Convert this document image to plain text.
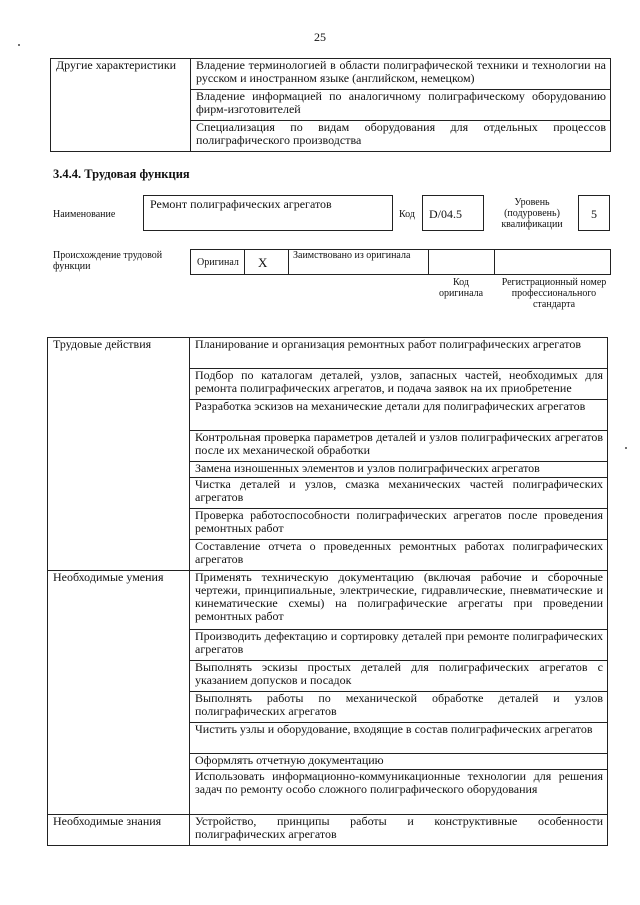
25
Другие характеристики	Владение терминологией в области полиграфической техники и технологии на русском и иностранном языке (английском, немецком)
Владение информацией по аналогичному полиграфическому оборудованию фирм-изготовителей
Специализация по видам оборудования для отдельных процессов полиграфического производства
3.4.4. Трудовая функция
Наименование
Ремонт полиграфических агрегатов
Код	D/04.5
Уровень (подуровень) квалификации
5
Происхождение трудовой функции	Оригинал X	Заимствовано из оригинала
Код оригинала
Регистрационный номер профессионального стандарта
Трудовые действия	Планирование и организация ремонтных работ полиграфических агрегатов
	Подбор по каталогам деталей, узлов, запасных частей, необходимых для ремонта полиграфических агрегатов, и подача заявок на их приобретение
	Разработка эскизов на механические детали для полиграфических агрегатов
	Контрольная проверка параметров деталей и узлов полиграфических агрегатов после их механической обработки
	Замена изношенных элементов и узлов полиграфических агрегатов
	Чистка деталей и узлов, смазка механических частей полиграфических агрегатов
	Проверка работоспособности полиграфических агрегатов после проведения ремонтных работ
	Составление отчета о проведенных ремонтных работах полиграфических агрегатов
Необходимые умения	Применять техническую документацию (включая рабочие и сборочные чертежи, принципиальные, электрические, гидравлические, пневматические и кинематические схемы) на полиграфические агрегаты при проведении ремонтных работ
	Производить дефектацию и сортировку деталей при ремонте полиграфических агрегатов
	Выполнять эскизы простых деталей для полиграфических агрегатов с указанием допусков и посадок
	Выполнять работы по механической обработке деталей и узлов полиграфических агрегатов
	Чистить узлы и оборудование, входящие в состав полиграфических агрегатов
	Оформлять отчетную документацию
	Использовать информационно-коммуникационные технологии для решения задач по ремонту особо сложного полиграфического оборудования
Необходимые знания	Устройство, принципы работы и конструктивные особенности полиграфических агрегатов
